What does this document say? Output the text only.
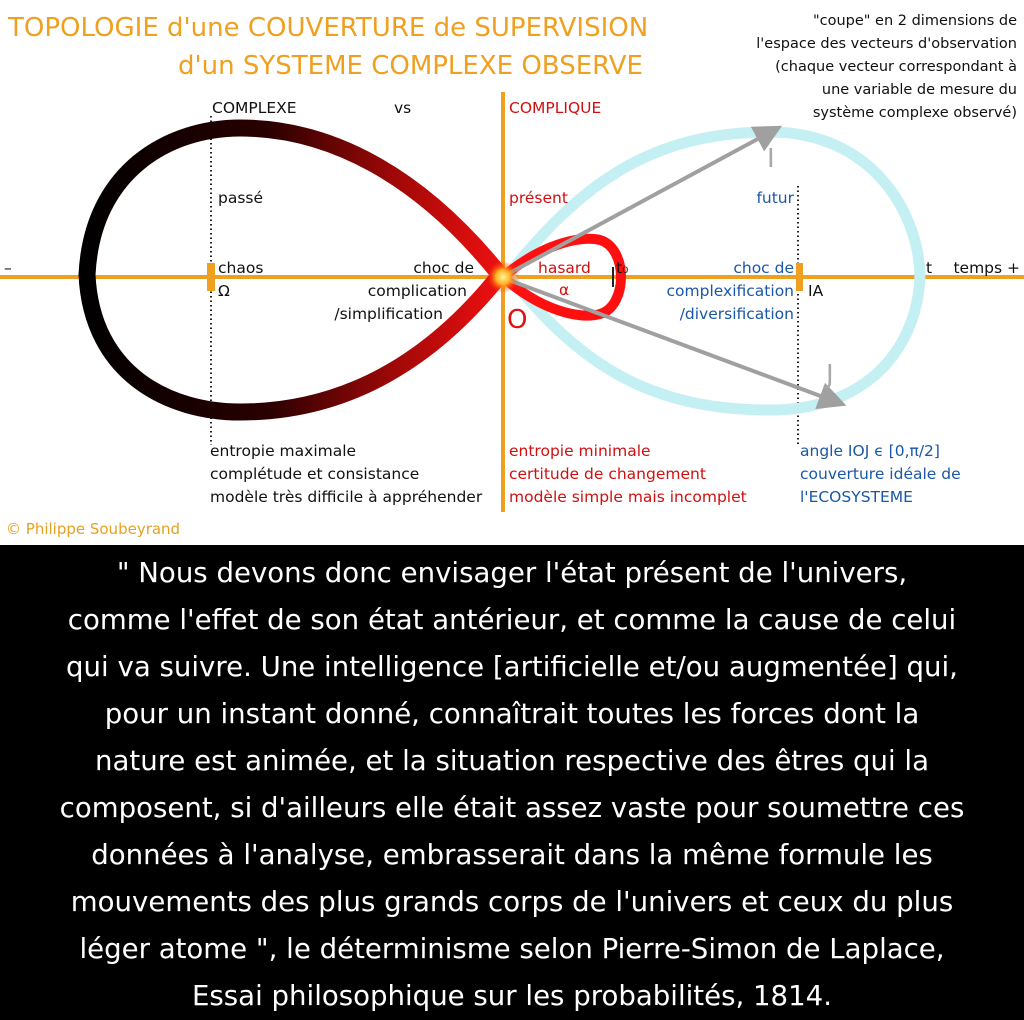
TOPOLOGIE d'une COUVERTURE de SUPERVISION
d'un SYSTEME COMPLEXE OBSERVE
"coupe" en 2 dimensions de
l'espace des vecteurs d'observation
(chaque vecteur correspondant à
une variable de mesure du
système complexe observé)
COMPLEXE	vs	COMPLIQUE
passé	présent	futur
–	chaos
Ω
choc de
complication
/simplification
hasard
α
t₀	choc de
complexification
/diversification
IA
t temps +
O
I
J
entropie maximale
complétude et consistance
modèle très difficile à appréhender
entropie minimale
certitude de changement
modèle simple mais incomplet
angle IOJ ϵ [0,π/2]
couverture idéale de
l'ECOSYSTEME
© Philippe Soubeyrand
" Nous devons donc envisager l'état présent de l'univers,
comme l'effet de son état antérieur, et comme la cause de celui
qui va suivre. Une intelligence [artificielle et/ou augmentée] qui,
pour un instant donné, connaîtrait toutes les forces dont la
nature est animée, et la situation respective des êtres qui la
composent, si d'ailleurs elle était assez vaste pour soumettre ces
données à l'analyse, embrasserait dans la même formule les
mouvements des plus grands corps de l'univers et ceux du plus
léger atome ", le déterminisme selon Pierre-Simon de Laplace,
Essai philosophique sur les probabilités, 1814.
